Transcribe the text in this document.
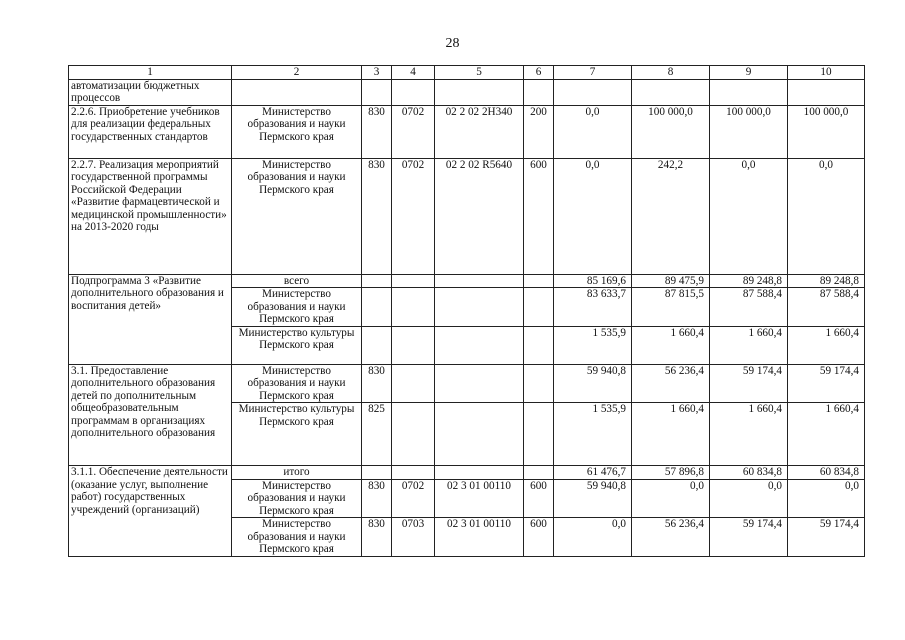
28
1	2	3	4	5	6	7	8	9	10
автоматизации бюджетных процессов									
2.2.6. Приобретение учебников для реализации федеральных государственных стандартов	Министерство образования и науки Пермского края	830	0702	02 2 02 2Н340	200	0,0	100 000,0	100 000,0	100 000,0
2.2.7. Реализация мероприятий государственной программы Российской Федерации «Развитие фармацевтической и медицинской промышленности» на 2013-2020 годы	Министерство образования и науки Пермского края	830	0702	02 2 02 R5640	600	0,0	242,2	0,0	0,0
Подпрограмма 3 «Развитие дополнительного образования и воспитания детей»	всего					85 169,6	89 475,9	89 248,8	89 248,8
	Министерство образования и науки Пермского края					83 633,7	87 815,5	87 588,4	87 588,4
	Министерство культуры Пермского края					1 535,9	1 660,4	1 660,4	1 660,4
3.1. Предоставление дополнительного образования детей по дополнительным общеобразовательным программам в организациях дополнительного образования	Министерство образования и науки Пермского края	830				59 940,8	56 236,4	59 174,4	59 174,4
	Министерство культуры Пермского края	825				1 535,9	1 660,4	1 660,4	1 660,4
3.1.1. Обеспечение деятельности (оказание услуг, выполнение работ) государственных учреждений (организаций)	итого					61 476,7	57 896,8	60 834,8	60 834,8
	Министерство образования и науки Пермского края	830	0702	02 3 01 00110	600	59 940,8	0,0	0,0	0,0
	Министерство образования и науки Пермского края	830	0703	02 3 01 00110	600	0,0	56 236,4	59 174,4	59 174,4
